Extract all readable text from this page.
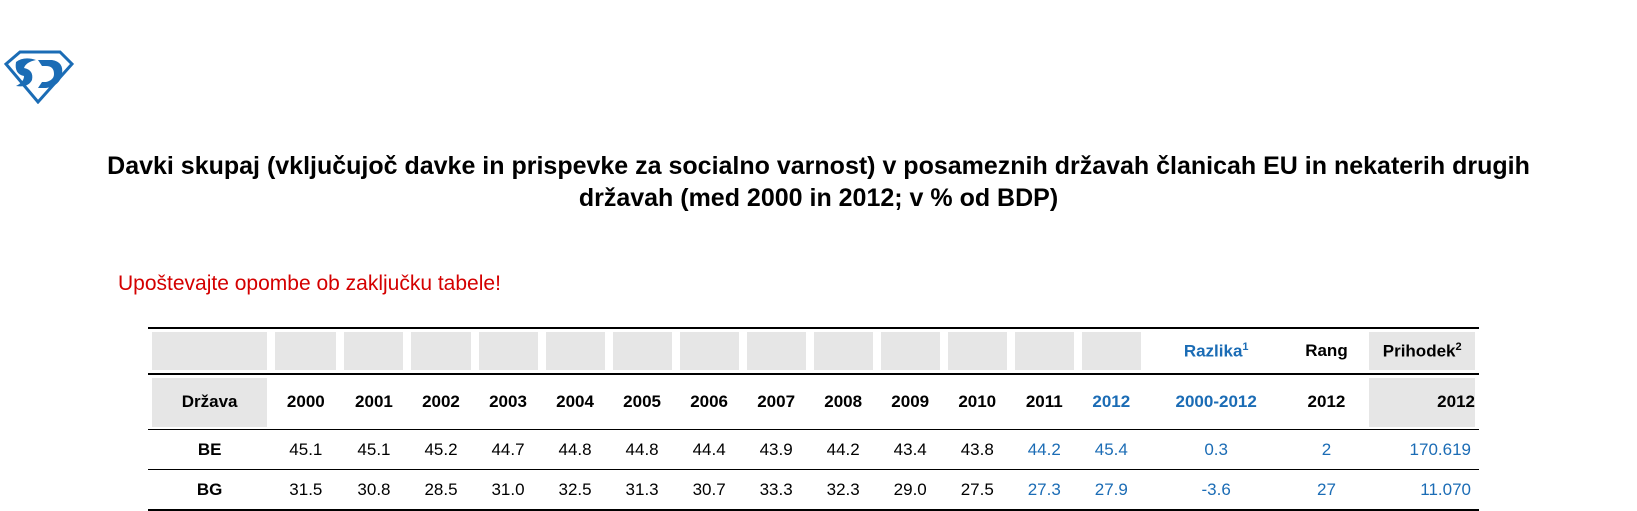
Davki skupaj (vključujoč davke in prispevke za socialno varnost) v posameznih državah članicah EU in nekaterih drugih državah (med 2000 in 2012; v % od BDP)
Upoštevajte opombe ob zaključku tabele!
														Razlika$^1$	Rang	Prihodek$^2$
Država	2000	2001	2002	2003	2004	2005	2006	2007	2008	2009	2010	2011	2012	2000-2012	2012	2012
BE	45.1	45.1	45.2	44.7	44.8	44.8	44.4	43.9	44.2	43.4	43.8	44.2	45.4	0.3	2	170.619
BG	31.5	30.8	28.5	31.0	32.5	31.3	30.7	33.3	32.3	29.0	27.5	27.3	27.9	-3.6	27	11.070
